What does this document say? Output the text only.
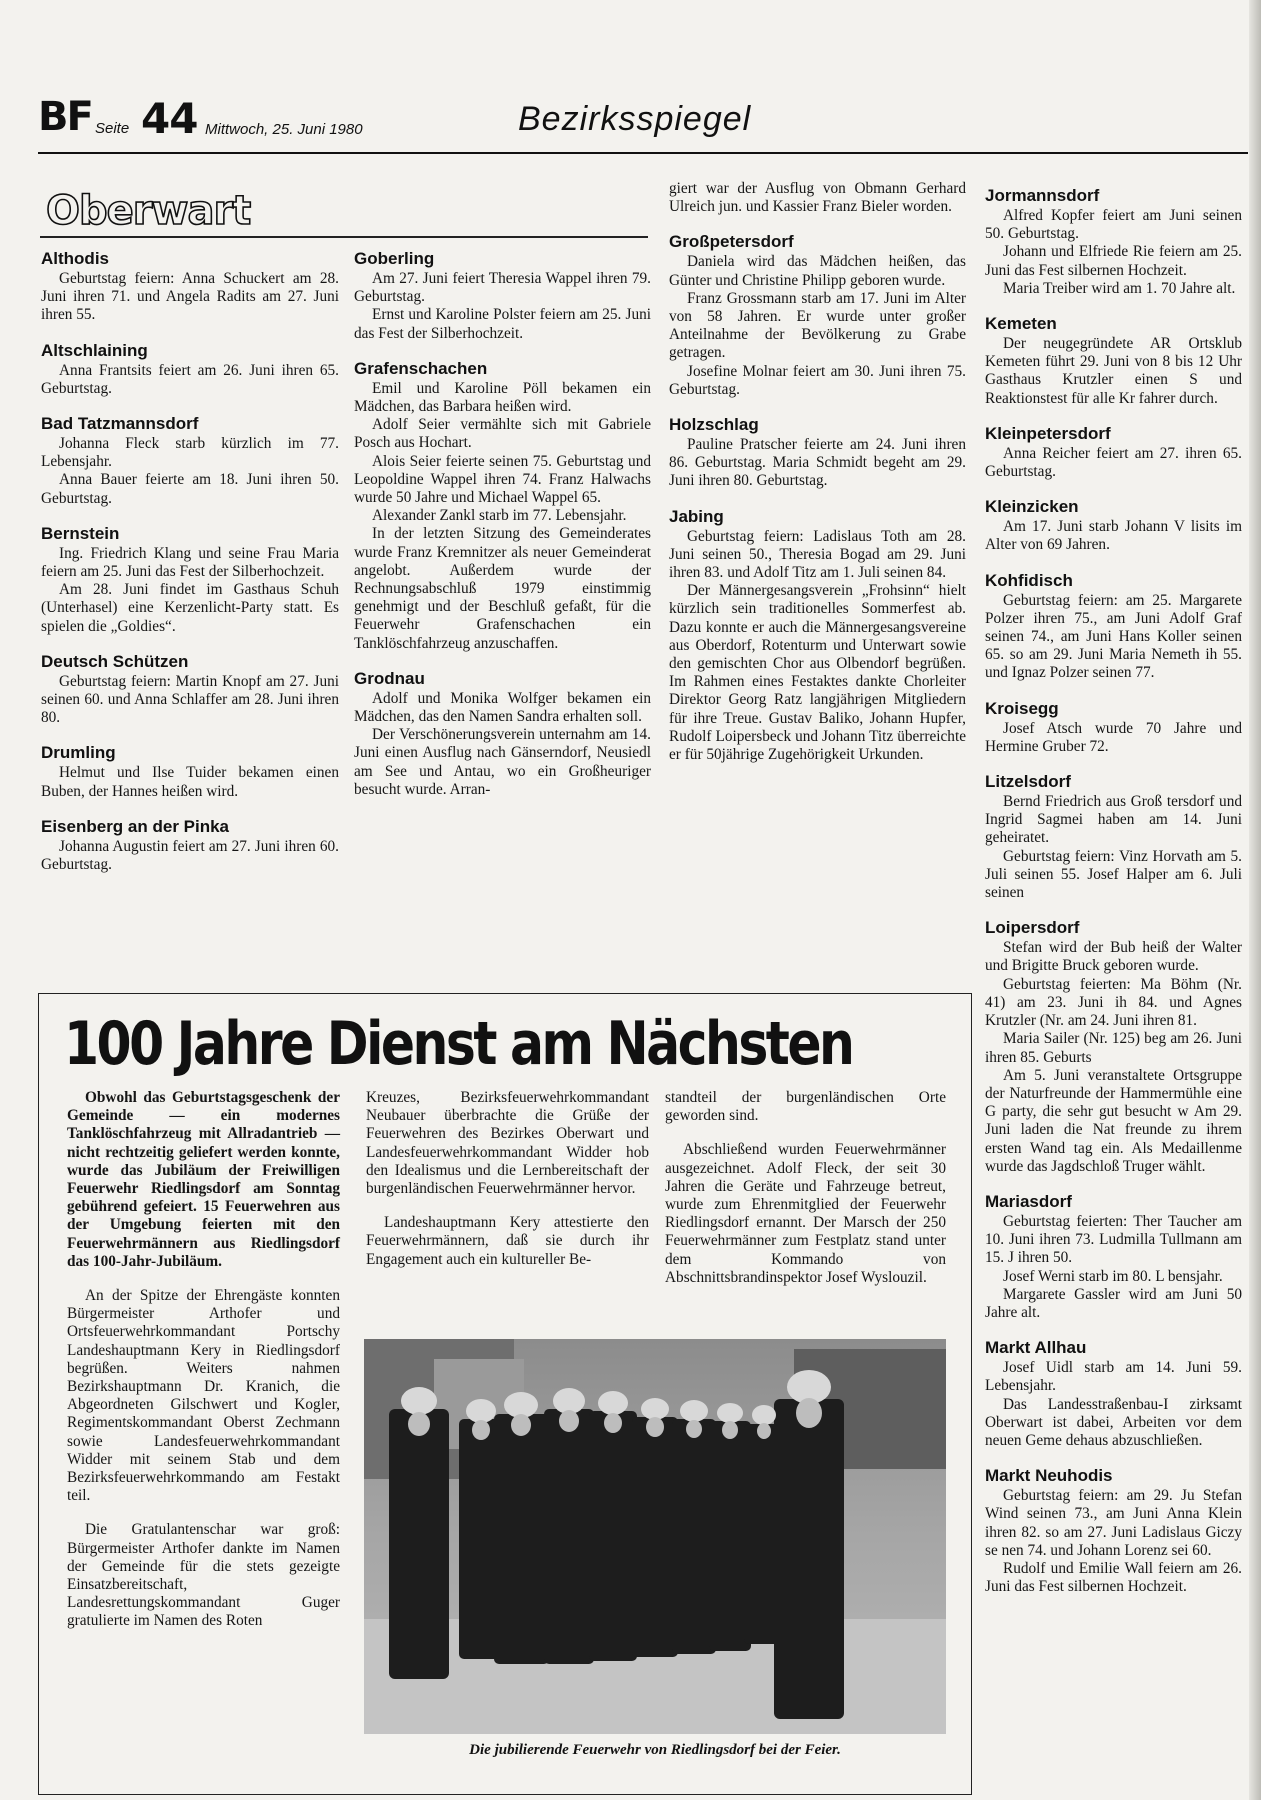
BF Seite 44 Mittwoch, 25. Juni 1980	Bezirksspiegel
Oberwart
Althodis

Geburtstag feiern: Anna Schuckert am 28. Juni ihren 71. und Angela Radits am 27. Juni ihren 55.

Altschlaining

Anna Frantsits feiert am 26. Juni ihren 65. Geburtstag.

Bad Tatzmannsdorf

Johanna Fleck starb kürzlich im 77. Lebensjahr.

Anna Bauer feierte am 18. Juni ihren 50. Geburtstag.

Bernstein

Ing. Friedrich Klang und seine Frau Maria feiern am 25. Juni das Fest der Silberhochzeit.

Am 28. Juni findet im Gasthaus Schuh (Unterhasel) eine Kerzenlicht-Party statt. Es spielen die „Goldies“.

Deutsch Schützen

Geburtstag feiern: Martin Knopf am 27. Juni seinen 60. und Anna Schlaffer am 28. Juni ihren 80.

Drumling

Helmut und Ilse Tuider bekamen einen Buben, der Hannes heißen wird.

Eisenberg an der Pinka

Johanna Augustin feiert am 27. Juni ihren 60. Geburtstag.

Goberling

Am 27. Juni feiert Theresia Wappel ihren 79. Geburtstag.

Ernst und Karoline Polster feiern am 25. Juni das Fest der Silberhochzeit.

Grafenschachen

Emil und Karoline Pöll bekamen ein Mädchen, das Barbara heißen wird.

Adolf Seier vermählte sich mit Gabriele Posch aus Hochart.

Alois Seier feierte seinen 75. Geburtstag und Leopoldine Wappel ihren 74. Franz Halwachs wurde 50 Jahre und Michael Wappel 65.

Alexander Zankl starb im 77. Lebensjahr.

In der letzten Sitzung des Gemeinderates wurde Franz Kremnitzer als neuer Gemeinderat angelobt. Außerdem wurde der Rechnungsabschluß 1979 einstimmig genehmigt und der Beschluß gefaßt, für die Feuerwehr Grafenschachen ein Tanklöschfahrzeug anzuschaffen.

Grodnau

Adolf und Monika Wolfger bekamen ein Mädchen, das den Namen Sandra erhalten soll.

Der Verschönerungsverein unternahm am 14. Juni einen Ausflug nach Gänserndorf, Neusiedl am See und Antau, wo ein Großheuriger besucht wurde. Arran-

giert war der Ausflug von Obmann Gerhard Ulreich jun. und Kassier Franz Bieler worden.

Großpetersdorf

Daniela wird das Mädchen heißen, das Günter und Christine Philipp geboren wurde.

Franz Grossmann starb am 17. Juni im Alter von 58 Jahren. Er wurde unter großer Anteilnahme der Bevölkerung zu Grabe getragen.

Josefine Molnar feiert am 30. Juni ihren 75. Geburtstag.

Holzschlag

Pauline Pratscher feierte am 24. Juni ihren 86. Geburtstag. Maria Schmidt begeht am 29. Juni ihren 80. Geburtstag.

Jabing

Geburtstag feiern: Ladislaus Toth am 28. Juni seinen 50., Theresia Bogad am 29. Juni ihren 83. und Adolf Titz am 1. Juli seinen 84.

Der Männergesangsverein „Frohsinn“ hielt kürzlich sein traditionelles Sommerfest ab. Dazu konnte er auch die Männergesangsvereine aus Oberdorf, Rotenturm und Unterwart sowie den gemischten Chor aus Olbendorf begrüßen. Im Rahmen eines Festaktes dankte Chorleiter Direktor Georg Ratz langjährigen Mitgliedern für ihre Treue. Gustav Baliko, Johann Hupfer, Rudolf Loipersbeck und Johann Titz überreichte er für 50jährige Zugehörigkeit Urkunden.

Jormannsdorf

Alfred Kopfer feiert am Juni seinen 50. Geburtstag.

Johann und Elfriede Rie feiern am 25. Juni das Fest silbernen Hochzeit.

Maria Treiber wird am 1. 70 Jahre alt.

Kemeten

Der neugegründete AR Ortsklub Kemeten führt 29. Juni von 8 bis 12 Uhr Gasthaus Krutzler einen S und Reaktionstest für alle Kr fahrer durch.

Kleinpetersdorf

Anna Reicher feiert am 27. ihren 65. Geburtstag.

Kleinzicken

Am 17. Juni starb Johann V lisits im Alter von 69 Jahren.

Kohfidisch

Geburtstag feiern: am 25. Margarete Polzer ihren 75., am Juni Adolf Graf seinen 74., am Juni Hans Koller seinen 65. so am 29. Juni Maria Nemeth ih 55. und Ignaz Polzer seinen 77.

Kroisegg

Josef Atsch wurde 70 Jahre und Hermine Gruber 72.

Litzelsdorf

Bernd Friedrich aus Groß tersdorf und Ingrid Sagmei haben am 14. Juni geheiratet.

Geburtstag feiern: Vinz Horvath am 5. Juli seinen 55. Josef Halper am 6. Juli seinen

Loipersdorf

Stefan wird der Bub heiß der Walter und Brigitte Bruck geboren wurde.

Geburtstag feierten: Ma Böhm (Nr. 41) am 23. Juni ih 84. und Agnes Krutzler (Nr. am 24. Juni ihren 81.

Maria Sailer (Nr. 125) beg am 26. Juni ihren 85. Geburts

Am 5. Juni veranstaltete Ortsgruppe der Naturfreunde der Hammermühle eine G party, die sehr gut besucht w Am 29. Juni laden die Nat freunde zu ihrem ersten Wand tag ein. Als Medaillenme wurde das Jagdschloß Truger wählt.

Mariasdorf

Geburtstag feierten: Ther Taucher am 10. Juni ihren 73. Ludmilla Tullmann am 15. J ihren 50.

Josef Werni starb im 80. L bensjahr.

Margarete Gassler wird am Juni 50 Jahre alt.

Markt Allhau

Josef Uidl starb am 14. Juni 59. Lebensjahr.

Das Landesstraßenbau-I zirksamt Oberwart ist dabei, Arbeiten vor dem neuen Geme dehaus abzuschließen.

Markt Neuhodis

Geburtstag feiern: am 29. Ju Stefan Wind seinen 73., am Juni Anna Klein ihren 82. so am 27. Juni Ladislaus Giczy se nen 74. und Johann Lorenz sei 60.

Rudolf und Emilie Wall feiern am 26. Juni das Fest silbernen Hochzeit.

100 Jahre Dienst am Nächsten

Obwohl das Geburtstagsgeschenk der Gemeinde — ein modernes Tanklöschfahrzeug mit Allradantrieb — nicht rechtzeitig geliefert werden konnte, wurde das Jubiläum der Freiwilligen Feuerwehr Riedlingsdorf am Sonntag gebührend gefeiert. 15 Feuerwehren aus der Umgebung feierten mit den Feuerwehrmännern aus Riedlingsdorf das 100-Jahr-Jubiläum.

An der Spitze der Ehrengäste konnten Bürgermeister Arthofer und Ortsfeuerwehrkommandant Portschy Landeshauptmann Kery in Riedlingsdorf begrüßen. Weiters nahmen Bezirkshauptmann Dr. Kranich, die Abgeordneten Gilschwert und Kogler, Regimentskommandant Oberst Zechmann sowie Landesfeuerwehrkommandant Widder mit seinem Stab und dem Bezirksfeuerwehrkommando am Festakt teil.

Die Gratulantenschar war groß: Bürgermeister Arthofer dankte im Namen der Gemeinde für die stets gezeigte Einsatzbereitschaft, Landesrettungskommandant Guger gratulierte im Namen des Roten

Kreuzes, Bezirksfeuerwehrkommandant Neubauer überbrachte die Grüße der Feuerwehren des Bezirkes Oberwart und Landesfeuerwehrkommandant Widder hob den Idealismus und die Lernbereitschaft der burgenländischen Feuerwehrmänner hervor.

Landeshauptmann Kery attestierte den Feuerwehrmännern, daß sie durch ihr Engagement auch ein kultureller Be-

standteil der burgenländischen Orte geworden sind.

Abschließend wurden Feuerwehrmänner ausgezeichnet. Adolf Fleck, der seit 30 Jahren die Geräte und Fahrzeuge betreut, wurde zum Ehrenmitglied der Feuerwehr Riedlingsdorf ernannt. Der Marsch der 250 Feuerwehrmänner zum Festplatz stand unter dem Kommando von Abschnittsbrandinspektor Josef Wyslouzil.

Die jubilierende Feuerwehr von Riedlingsdorf bei der Feier.
